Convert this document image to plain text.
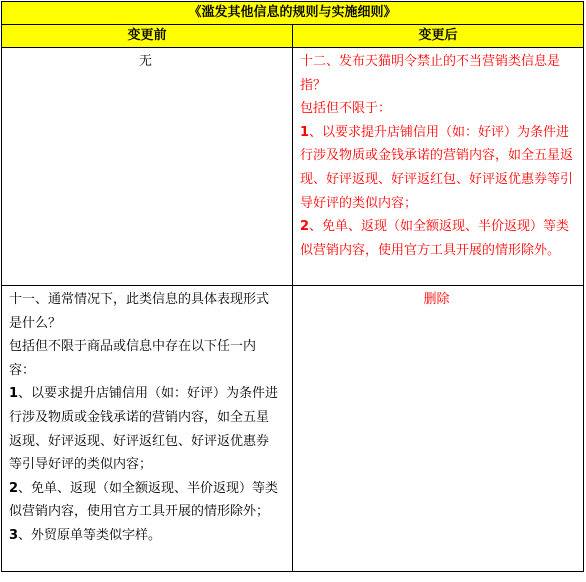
《滥发其他信息的规则与实施细则》	
变更前	变更后
无	十二、发布天猫明令禁止的不当营销类信息是指？
包括但不限于：
1、以要求提升店铺信用（如：好评）为条件进行涉及物质或金钱承诺的营销内容，如全五星返现、好评返现、好评返红包、好评返优惠券等引导好评的类似内容；
2、免单、返现（如全额返现、半价返现）等类似营销内容，使用官方工具开展的情形除外。

十一、通常情况下，此类信息的具体表现形式是什么？
包括但不限于商品或信息中存在以下任一内容：
1、以要求提升店铺信用（如：好评）为条件进行涉及物质或金钱承诺的营销内容，如全五星返现、好评返现、好评返红包、好评返优惠券等引导好评的类似内容；
2、免单、返现（如全额返现、半价返现）等类似营销内容，使用官方工具开展的情形除外；
3、外贸原单等类似字样。	删除
